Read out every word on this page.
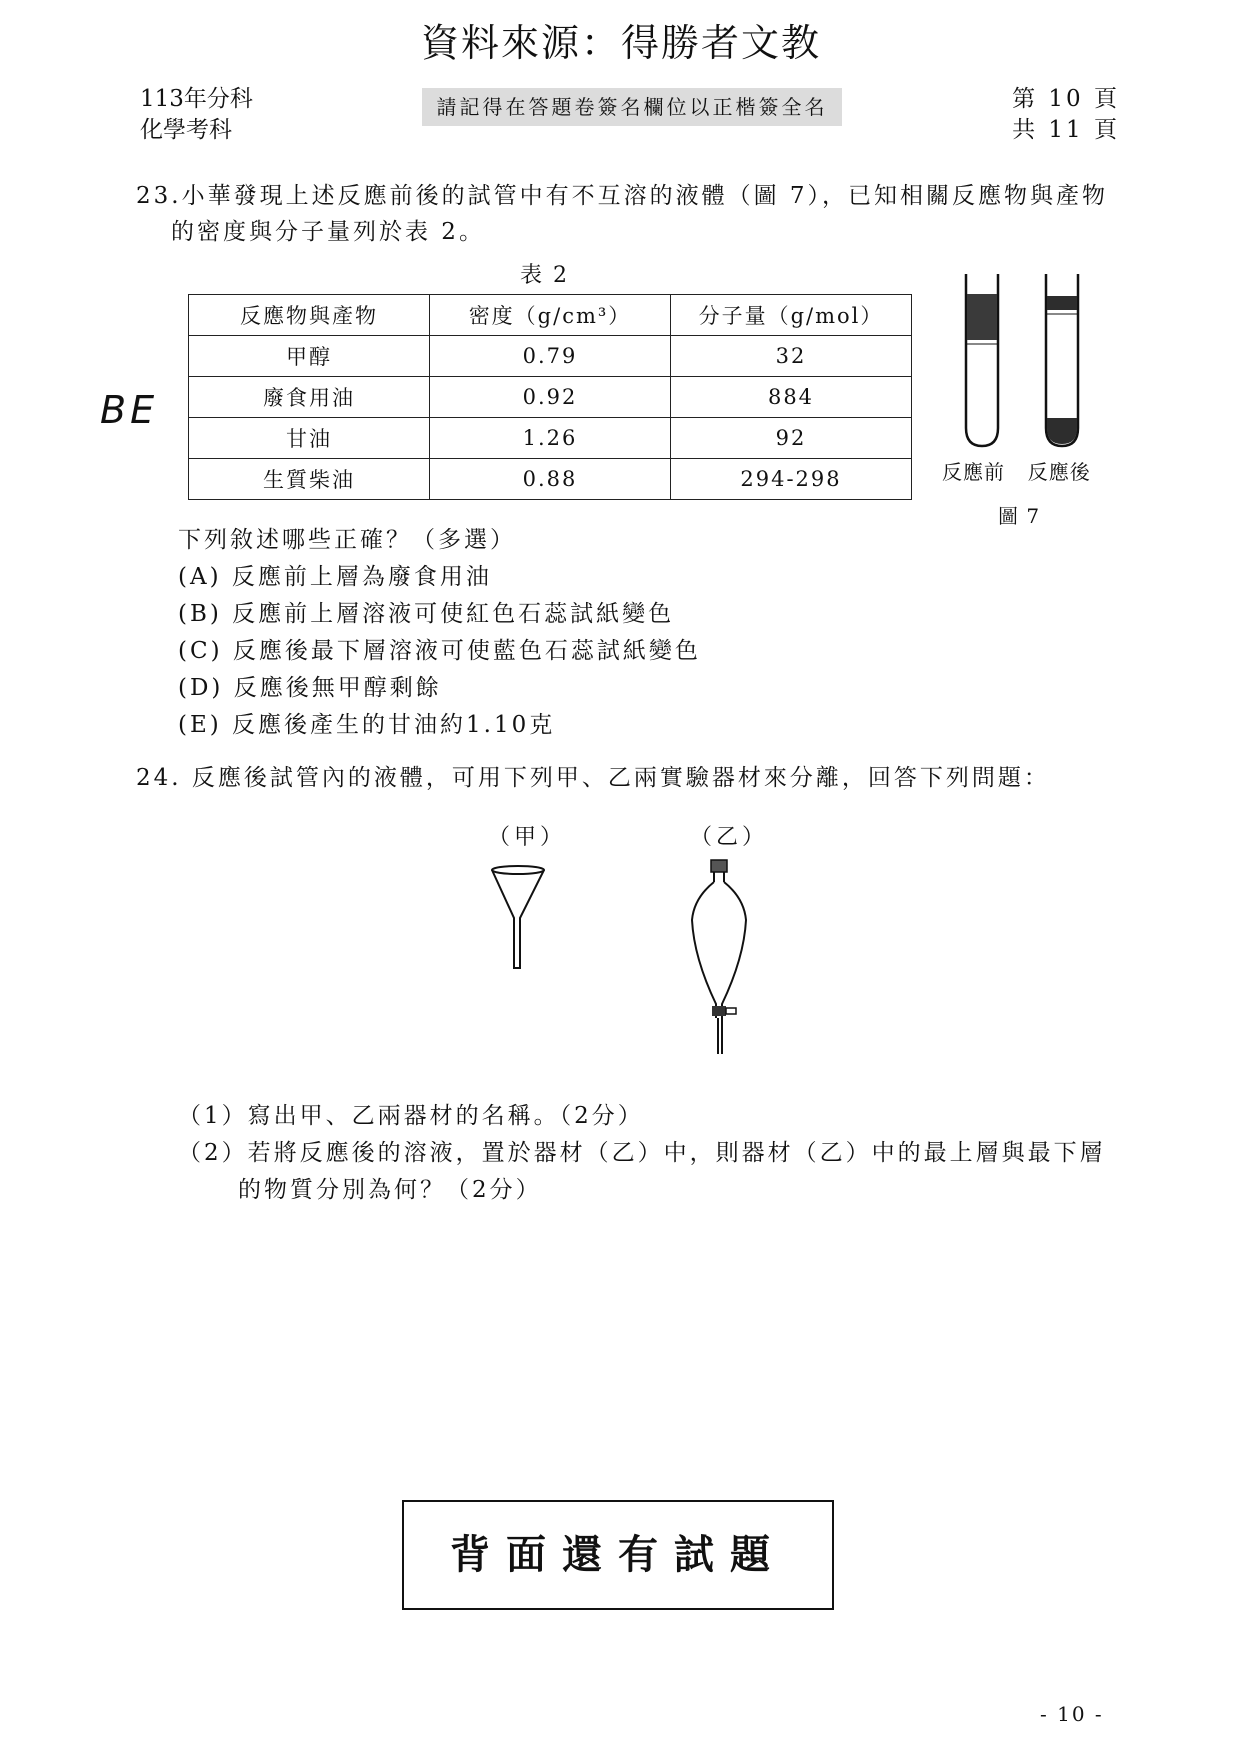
資料來源：得勝者文教
113年分科
化學考科
請記得在答題卷簽名欄位以正楷簽全名	第 10 頁
共 11 頁
23.小華發現上述反應前後的試管中有不互溶的液體（圖 7），已知相關反應物與產物
的密度與分子量列於表 2。
表 2
反應物與產物	密度（g/cm³）	分子量（g/mol）
甲醇	0.79	32
廢食用油	0.92	884
甘油	1.26	92
生質柴油	0.88	294-298
BE
反應前 反應後
圖 7
下列敘述哪些正確？（多選）
(A) 反應前上層為廢食用油
(B) 反應前上層溶液可使紅色石蕊試紙變色
(C) 反應後最下層溶液可使藍色石蕊試紙變色
(D) 反應後無甲醇剩餘
(E) 反應後產生的甘油約1.10克
24. 反應後試管內的液體，可用下列甲、乙兩實驗器材來分離，回答下列問題：
（甲）	（乙）
（1）寫出甲、乙兩器材的名稱。（2分）
（2）若將反應後的溶液，置於器材（乙）中，則器材（乙）中的最上層與最下層
的物質分別為何？（2分）
背面還有試題
- 10 -
